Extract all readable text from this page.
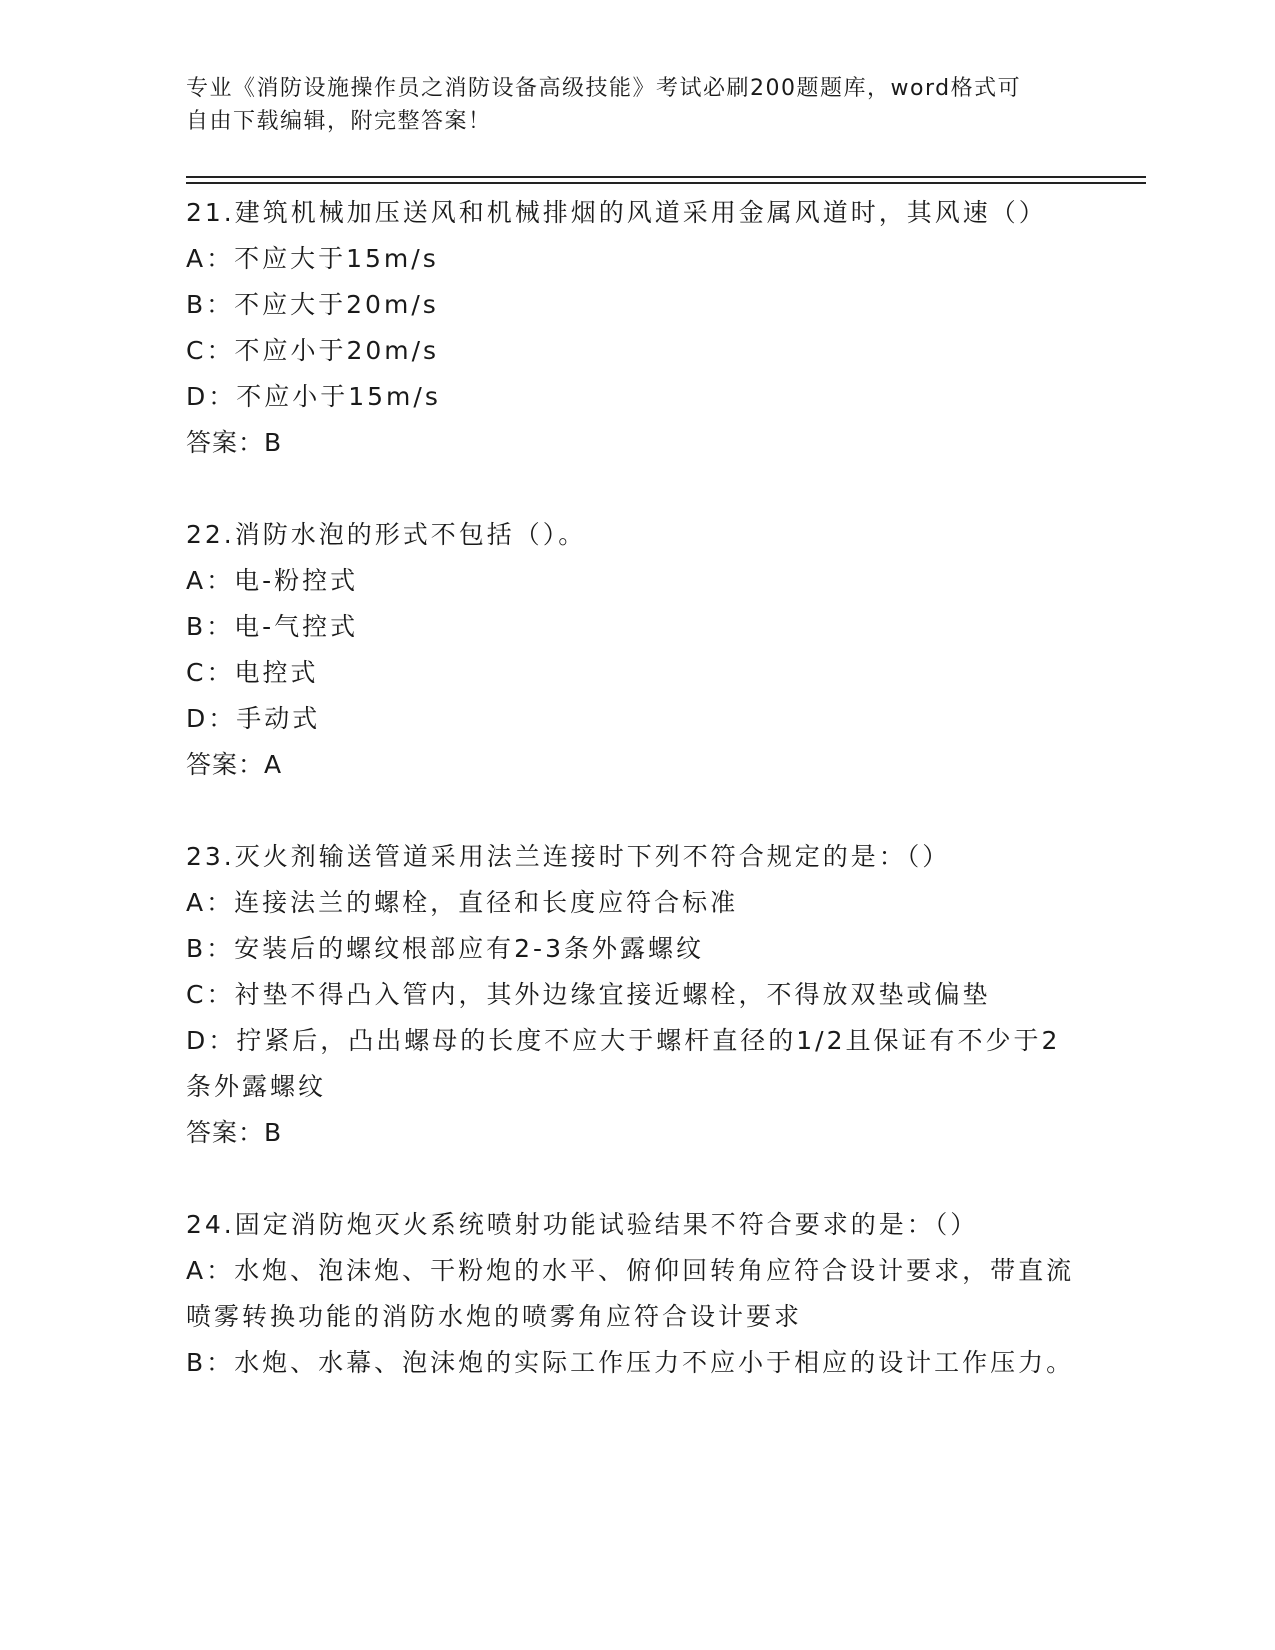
专业《消防设施操作员之消防设备高级技能》考试必刷200题题库，word格式可
自由下载编辑，附完整答案！
21.建筑机械加压送风和机械排烟的风道采用金属风道时，其风速（）
A：不应大于15m/s
B：不应大于20m/s
C：不应小于20m/s
D：不应小于15m/s
答案：B
22.消防水泡的形式不包括（）。
A：电-粉控式
B：电-气控式
C：电控式
D：手动式
答案：A
23.灭火剂输送管道采用法兰连接时下列不符合规定的是：（）
A：连接法兰的螺栓，直径和长度应符合标准
B：安装后的螺纹根部应有2-3条外露螺纹
C：衬垫不得凸入管内，其外边缘宜接近螺栓，不得放双垫或偏垫
D：拧紧后，凸出螺母的长度不应大于螺杆直径的1/2且保证有不少于2条外露螺纹
答案：B
24.固定消防炮灭火系统喷射功能试验结果不符合要求的是：（）
A：水炮、泡沫炮、干粉炮的水平、俯仰回转角应符合设计要求，带直流喷雾转换功能的消防水炮的喷雾角应符合设计要求
B：水炮、水幕、泡沫炮的实际工作压力不应小于相应的设计工作压力。
